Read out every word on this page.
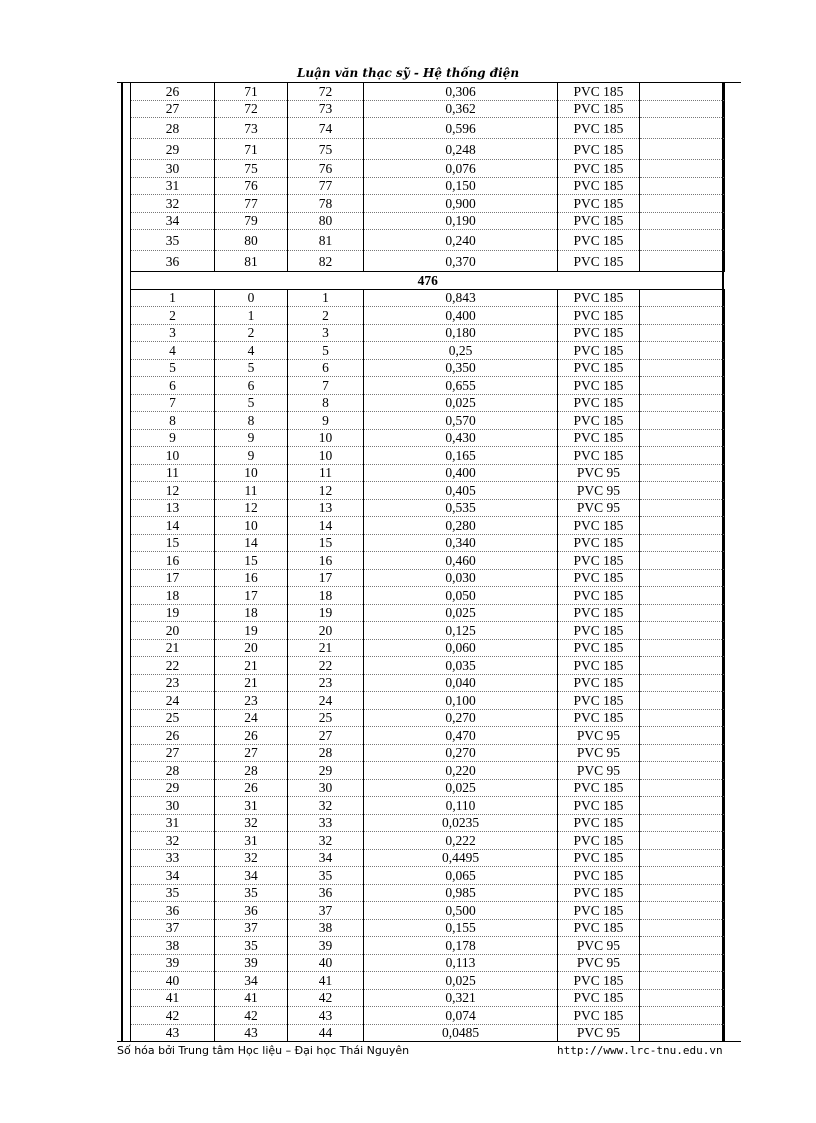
Luận văn thạc sỹ - Hệ thống điện
26	71	72	0,306	PVC 185	
27	72	73	0,362	PVC 185	
28	73	74	0,596	PVC 185	
29	71	75	0,248	PVC 185	
30	75	76	0,076	PVC 185	
31	76	77	0,150	PVC 185	
32	77	78	0,900	PVC 185	
34	79	80	0,190	PVC 185	
35	80	81	0,240	PVC 185	
36	81	82	0,370	PVC 185	
476					
1	0	1	0,843	PVC 185	
2	1	2	0,400	PVC 185	
3	2	3	0,180	PVC 185	
4	4	5	0,25	PVC 185	
5	5	6	0,350	PVC 185	
6	6	7	0,655	PVC 185	
7	5	8	0,025	PVC 185	
8	8	9	0,570	PVC 185	
9	9	10	0,430	PVC 185	
10	9	10	0,165	PVC 185	
11	10	11	0,400	PVC 95	
12	11	12	0,405	PVC 95	
13	12	13	0,535	PVC 95	
14	10	14	0,280	PVC 185	
15	14	15	0,340	PVC 185	
16	15	16	0,460	PVC 185	
17	16	17	0,030	PVC 185	
18	17	18	0,050	PVC 185	
19	18	19	0,025	PVC 185	
20	19	20	0,125	PVC 185	
21	20	21	0,060	PVC 185	
22	21	22	0,035	PVC 185	
23	21	23	0,040	PVC 185	
24	23	24	0,100	PVC 185	
25	24	25	0,270	PVC 185	
26	26	27	0,470	PVC 95	
27	27	28	0,270	PVC 95	
28	28	29	0,220	PVC 95	
29	26	30	0,025	PVC 185	
30	31	32	0,110	PVC 185	
31	32	33	0,0235	PVC 185	
32	31	32	0,222	PVC 185	
33	32	34	0,4495	PVC 185	
34	34	35	0,065	PVC 185	
35	35	36	0,985	PVC 185	
36	36	37	0,500	PVC 185	
37	37	38	0,155	PVC 185	
38	35	39	0,178	PVC 95	
39	39	40	0,113	PVC 95	
40	34	41	0,025	PVC 185	
41	41	42	0,321	PVC 185	
42	42	43	0,074	PVC 185	
43	43	44	0,0485	PVC 95	
Số hóa bởi Trung tâm Học liệu – Đại học Thái Nguyên	http://www.lrc-tnu.edu.vn
